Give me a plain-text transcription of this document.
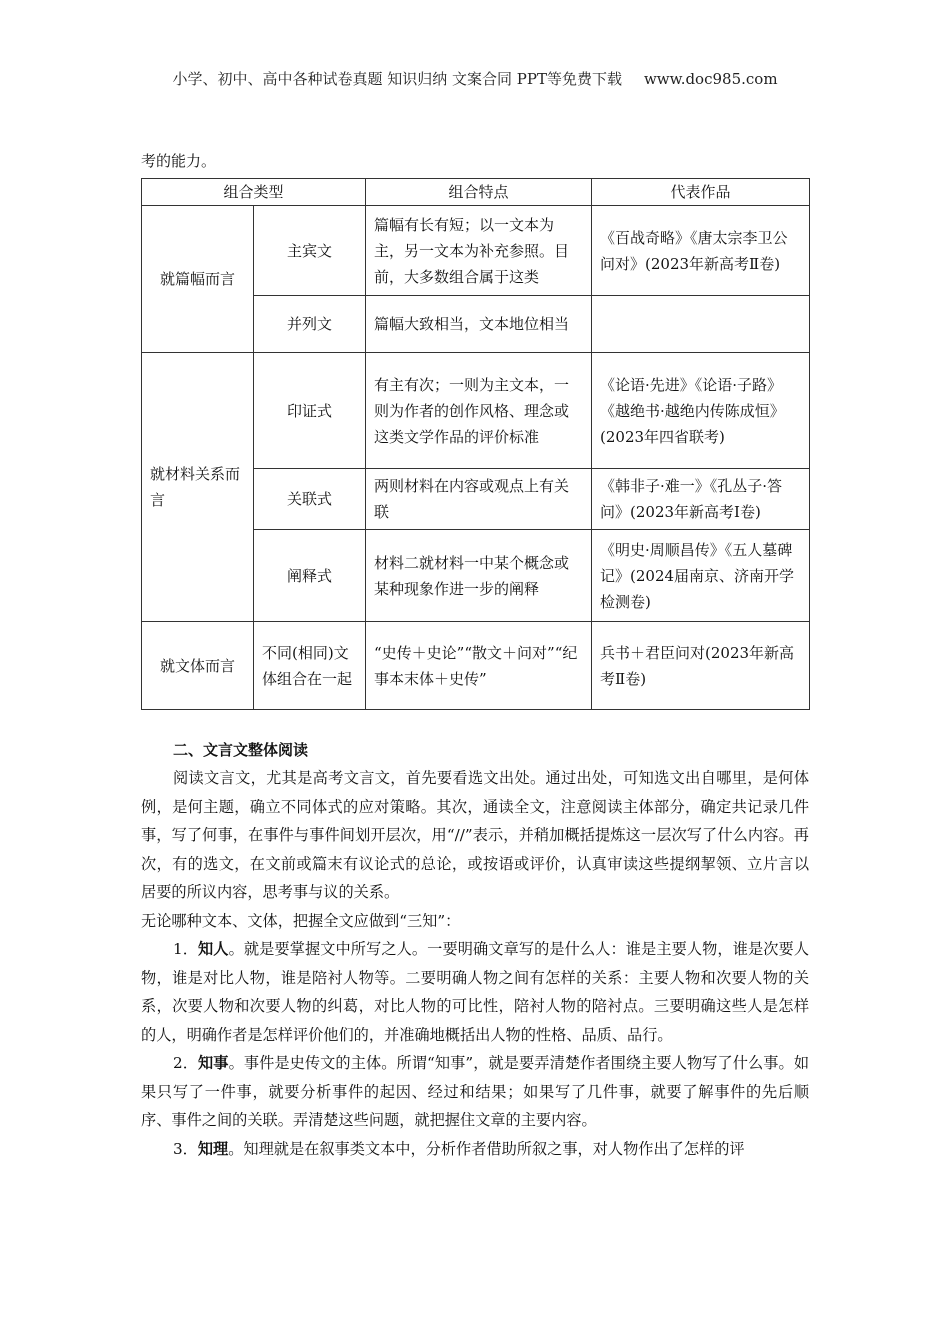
小学、初中、高中各种试卷真题 知识归纳 文案合同 PPT等免费下载 www.doc985.com
考的能力。
组合类型		组合特点	代表作品
就篇幅而言	主宾文	篇幅有长有短；以一文本为主，另一文本为补充参照。目前，大多数组合属于这类	《百战奇略》《唐太宗李卫公问对》(2023年新高考Ⅱ卷)
	并列文	篇幅大致相当，文本地位相当	
就材料关系而言	印证式	有主有次；一则为主文本，一则为作者的创作风格、理念或这类文学作品的评价标准	《论语·先进》《论语·子路》《越绝书·越绝内传陈成恒》(2023年四省联考)
	关联式	两则材料在内容或观点上有关联	《韩非子·难一》《孔丛子·答问》(2023年新高考Ⅰ卷)
	阐释式	材料二就材料一中某个概念或某种现象作进一步的阐释	《明史·周顺昌传》《五人墓碑记》(2024届南京、济南开学检测卷)
就文体而言	不同(相同)文体组合在一起	“史传＋史论”“散文＋问对”“纪事本末体＋史传”	兵书＋君臣问对(2023年新高考Ⅱ卷)
二、文言文整体阅读

阅读文言文，尤其是高考文言文，首先要看选文出处。通过出处，可知选文出自哪里，是何体例，是何主题，确立不同体式的应对策略。其次，通读全文，注意阅读主体部分，确定共记录几件事，写了何事，在事件与事件间划开层次，用“//”表示，并稍加概括提炼这一层次写了什么内容。再次，有的选文，在文前或篇末有议论式的总论，或按语或评价，认真审读这些提纲挈领、立片言以居要的所议内容，思考事与议的关系。

无论哪种文本、文体，把握全文应做到“三知”：

1．知人。就是要掌握文中所写之人。一要明确文章写的是什么人：谁是主要人物，谁是次要人物，谁是对比人物，谁是陪衬人物等。二要明确人物之间有怎样的关系：主要人物和次要人物的关系，次要人物和次要人物的纠葛，对比人物的可比性，陪衬人物的陪衬点。三要明确这些人是怎样的人，明确作者是怎样评价他们的，并准确地概括出人物的性格、品质、品行。

2．知事。事件是史传文的主体。所谓“知事”，就是要弄清楚作者围绕主要人物写了什么事。如果只写了一件事，就要分析事件的起因、经过和结果；如果写了几件事，就要了解事件的先后顺序、事件之间的关联。弄清楚这些问题，就把握住文章的主要内容。

3．知理。知理就是在叙事类文本中，分析作者借助所叙之事，对人物作出了怎样的评
